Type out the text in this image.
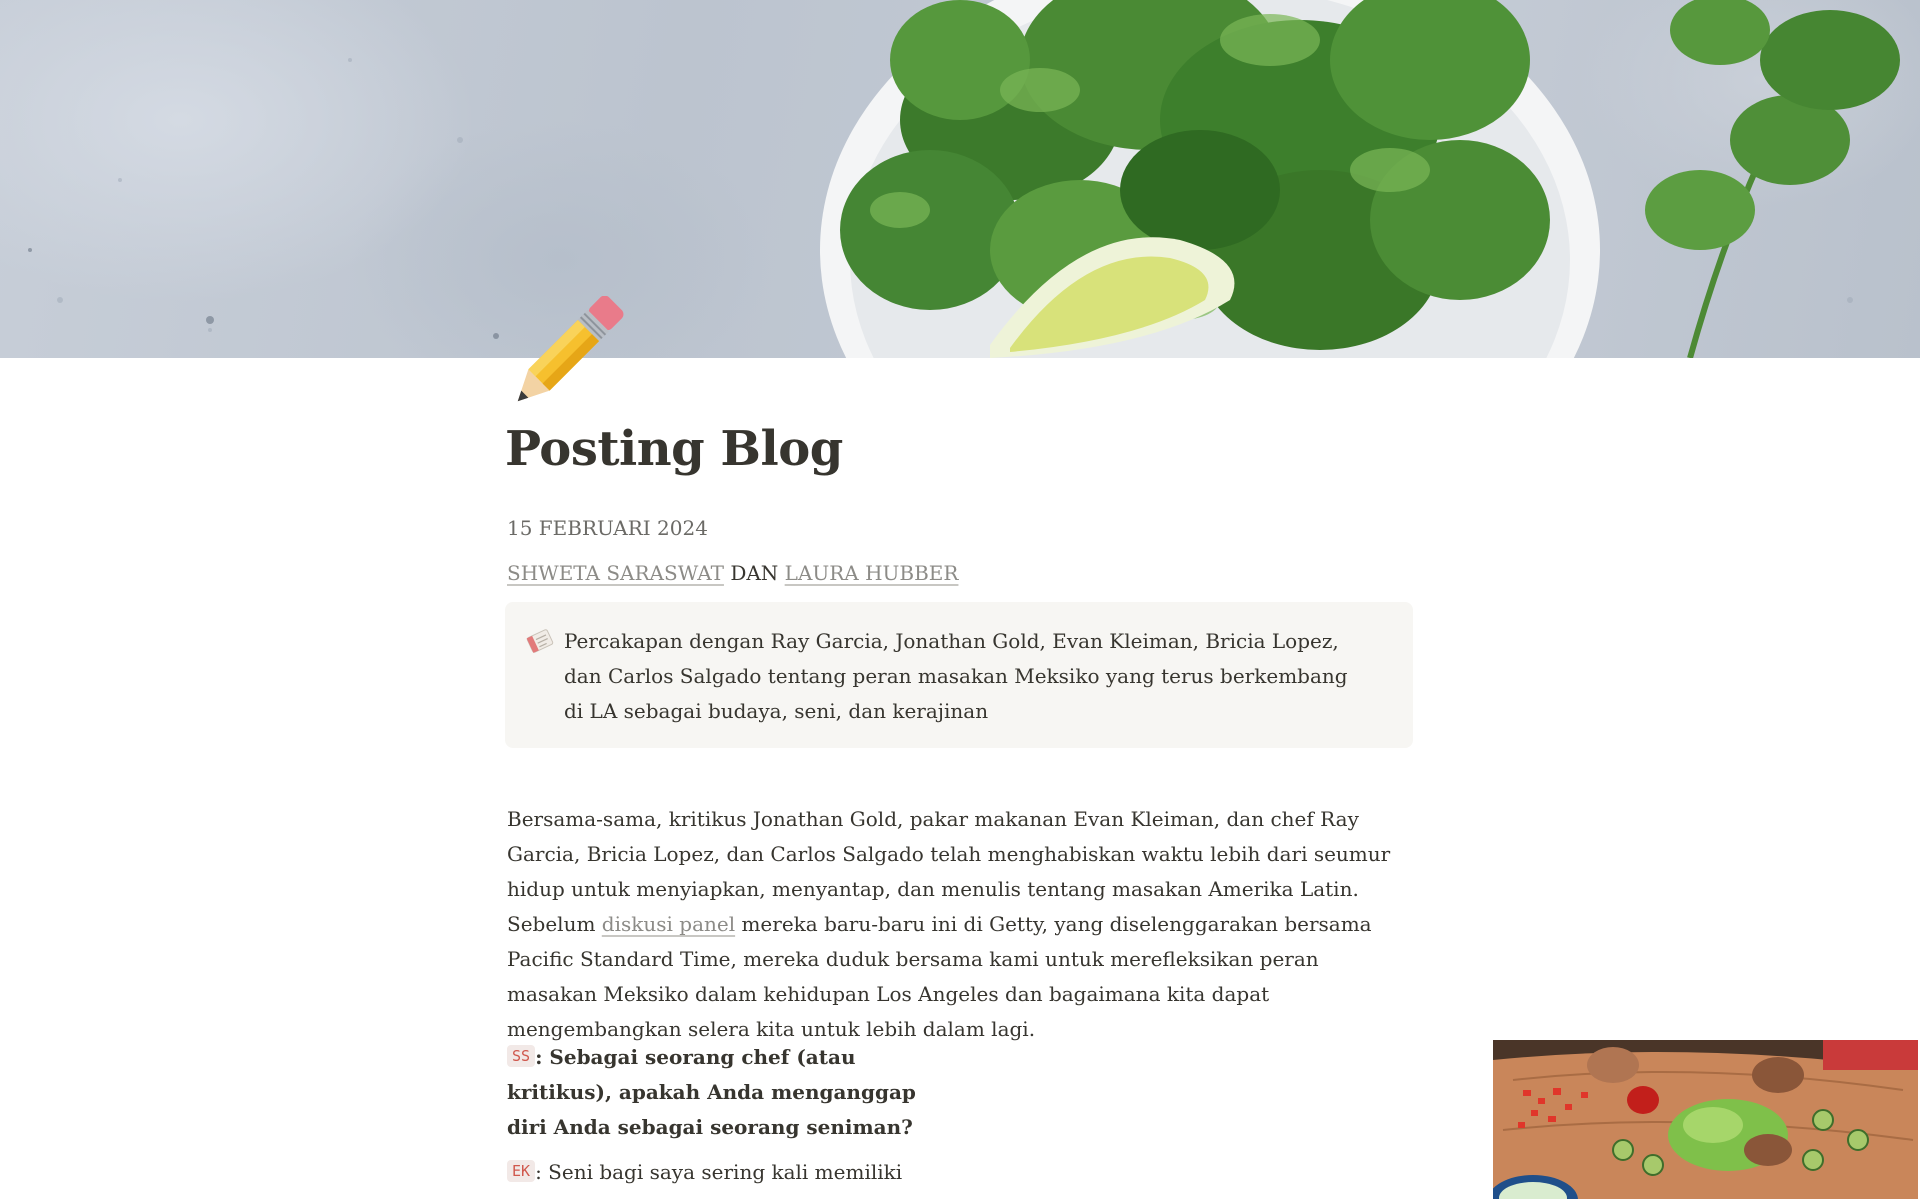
Posting Blog
15 FEBRUARI 2024
SHWETA SARASWAT DAN LAURA HUBBER

Percakapan dengan Ray Garcia, Jonathan Gold, Evan Kleiman, Bricia Lopez, dan Carlos Salgado tentang peran masakan Meksiko yang terus berkembang di LA sebagai budaya, seni, dan kerajinan

Bersama-sama, kritikus Jonathan Gold, pakar makanan Evan Kleiman, dan chef Ray Garcia, Bricia Lopez, dan Carlos Salgado telah menghabiskan waktu lebih dari seumur hidup untuk menyiapkan, menyantap, dan menulis tentang masakan Amerika Latin. Sebelum diskusi panel mereka baru-baru ini di Getty, yang diselenggarakan bersama Pacific Standard Time, mereka duduk bersama kami untuk merefleksikan peran masakan Meksiko dalam kehidupan Los Angeles dan bagaimana kita dapat mengembangkan selera kita untuk lebih dalam lagi.

SS : Sebagai seorang chef (atau kritikus), apakah Anda menganggap diri Anda sebagai seorang seniman?

EK : Seni bagi saya sering kali memiliki
